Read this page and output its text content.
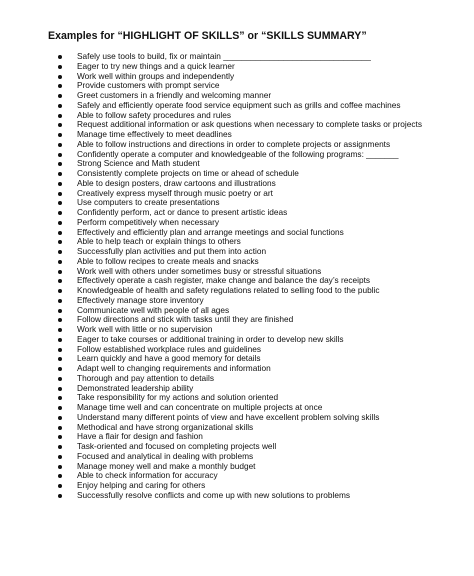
Examples for “HIGHLIGHT OF SKILLS” or “SKILLS SUMMARY”
Safely use tools to build, fix or maintain ________________________________
Eager to try new things and a quick learner
Work well within groups and independently
Provide customers with prompt service
Greet customers in a friendly and welcoming manner
Safely and efficiently operate food service equipment such as grills and coffee machines
Able to follow safety procedures and rules
Request additional information or ask questions when necessary to complete tasks or projects
Manage time effectively to meet deadlines
Able to follow instructions and directions in order to complete projects or assignments
Confidently operate a computer and knowledgeable of the following programs: _______
Strong Science and Math student
Consistently complete projects on time or ahead of schedule
Able to design posters, draw cartoons and illustrations
Creatively express myself through music poetry or art
Use computers to create presentations
Confidently perform, act or dance to present artistic ideas
Perform competitively when necessary
Effectively and efficiently plan and arrange meetings and social functions
Able to help teach or explain things to others
Successfully plan activities and put them into action
Able to follow recipes to create meals and snacks
Work well with others under sometimes busy or stressful situations
Effectively operate a cash register, make change and balance the day’s receipts
Knowledgeable of health and safety regulations related to selling food to the public
Effectively manage store inventory
Communicate well with people of all ages
Follow directions and stick with tasks until they are finished
Work well with little or no supervision
Eager to take courses or additional training in order to develop new skills
Follow established workplace rules and guidelines
Learn quickly and have a good memory for details
Adapt well to changing requirements and information
Thorough and pay attention to details
Demonstrated leadership ability
Take responsibility for my actions and solution oriented
Manage time well and can concentrate on multiple projects at once
Understand many different points of view and have excellent problem solving skills
Methodical and have strong organizational skills
Have a flair for design and fashion
Task-oriented and focused on completing projects well
Focused and analytical in dealing with problems
Manage money well and make a monthly budget
Able to check information for accuracy
Enjoy helping and caring for others
Successfully resolve conflicts and come up with new solutions to problems
